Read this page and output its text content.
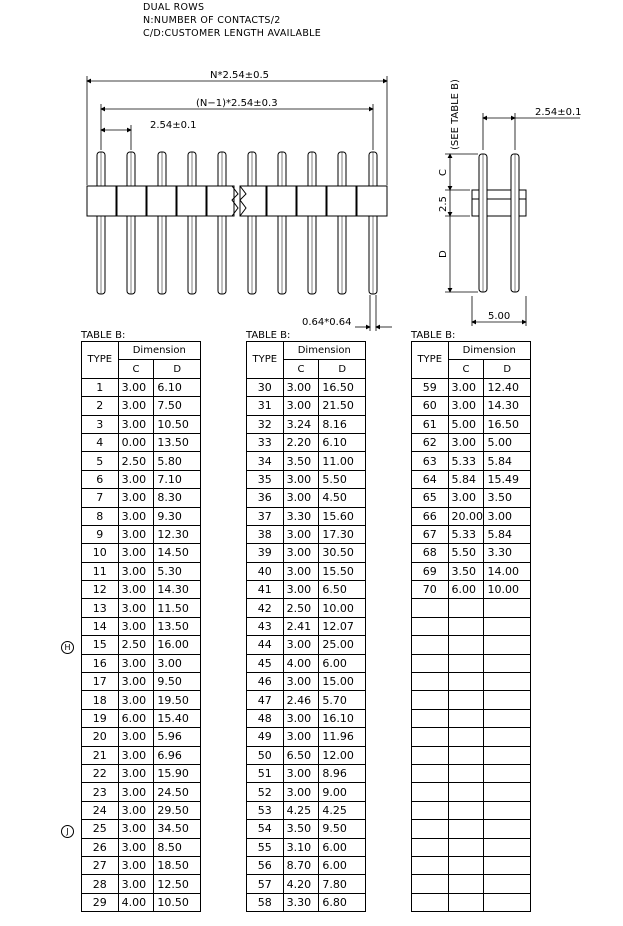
DUAL ROWS
N:NUMBER OF CONTACTS/2
C/D:CUSTOMER LENGTH AVAILABLE
N*2.54±0.5
(N−1)*2.54±0.3
2.54±0.1
0.64*0.64
2.54±0.1
(SEE TABLE B)
C
2.5
D
5.00
TABLE B:
TYPE	Dimension	
	C	D
1	3.00	6.10
2	3.00	7.50
3	3.00	10.50
4	0.00	13.50
5	2.50	5.80
6	3.00	7.10
7	3.00	8.30
8	3.00	9.30
9	3.00	12.30
10	3.00	14.50
11	3.00	5.30
12	3.00	14.30
13	3.00	11.50
14	3.00	13.50
15	2.50	16.00
16	3.00	3.00
17	3.00	9.50
18	3.00	19.50
19	6.00	15.40
20	3.00	5.96
21	3.00	6.96
22	3.00	15.90
23	3.00	24.50
24	3.00	29.50
25	3.00	34.50
26	3.00	8.50
27	3.00	18.50
28	3.00	12.50
29	4.00	10.50
TABLE B:
TYPE	Dimension	
	C	D
30	3.00	16.50
31	3.00	21.50
32	3.24	8.16
33	2.20	6.10
34	3.50	11.00
35	3.00	5.50
36	3.00	4.50
37	3.30	15.60
38	3.00	17.30
39	3.00	30.50
40	3.00	15.50
41	3.00	6.50
42	2.50	10.00
43	2.41	12.07
44	3.00	25.00
45	4.00	6.00
46	3.00	15.00
47	2.46	5.70
48	3.00	16.10
49	3.00	11.96
50	6.50	12.00
51	3.00	8.96
52	3.00	9.00
53	4.25	4.25
54	3.50	9.50
55	3.10	6.00
56	8.70	6.00
57	4.20	7.80
58	3.30	6.80
TABLE B:
TYPE	Dimension	
	C	D
59	3.00	12.40
60	3.00	14.30
61	5.00	16.50
62	3.00	5.00
63	5.33	5.84
64	5.84	15.49
65	3.00	3.50
66	20.00	3.00
67	5.33	5.84
68	5.50	3.30
69	3.50	14.00
70	6.00	10.00

H
J
